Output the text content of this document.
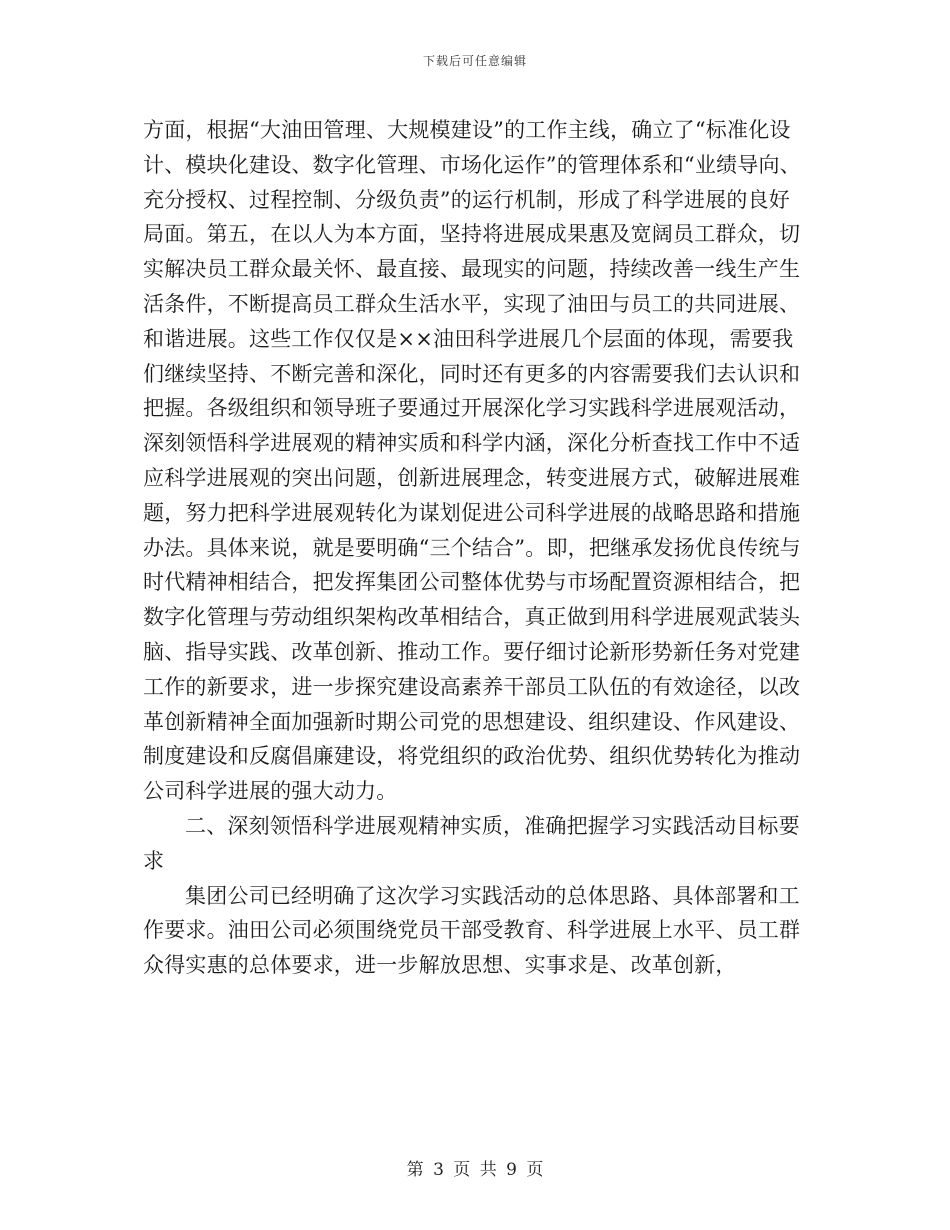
下载后可任意编辑

方面，根据“大油田管理、大规模建设”的工作主线，确立了“标准化设计、模块化建设、数字化管理、市场化运作”的管理体系和“业绩导向、充分授权、过程控制、分级负责”的运行机制，形成了科学进展的良好局面。第五，在以人为本方面，坚持将进展成果惠及宽阔员工群众，切实解决员工群众最关怀、最直接、最现实的问题，持续改善一线生产生活条件，不断提高员工群众生活水平，实现了油田与员工的共同进展、和谐进展。这些工作仅仅是××油田科学进展几个层面的体现，需要我们继续坚持、不断完善和深化，同时还有更多的内容需要我们去认识和把握。各级组织和领导班子要通过开展深化学习实践科学进展观活动，深刻领悟科学进展观的精神实质和科学内涵，深化分析查找工作中不适应科学进展观的突出问题，创新进展理念，转变进展方式，破解进展难题，努力把科学进展观转化为谋划促进公司科学进展的战略思路和措施办法。具体来说，就是要明确“三个结合”。即，把继承发扬优良传统与时代精神相结合，把发挥集团公司整体优势与市场配置资源相结合，把数字化管理与劳动组织架构改革相结合，真正做到用科学进展观武装头脑、指导实践、改革创新、推动工作。要仔细讨论新形势新任务对党建工作的新要求，进一步探究建设高素养干部员工队伍的有效途径，以改革创新精神全面加强新时期公司党的思想建设、组织建设、作风建设、制度建设和反腐倡廉建设，将党组织的政治优势、组织优势转化为推动公司科学进展的强大动力。

二、深刻领悟科学进展观精神实质，准确把握学习实践活动目标要求

集团公司已经明确了这次学习实践活动的总体思路、具体部署和工作要求。油田公司必须围绕党员干部受教育、科学进展上水平、员工群众得实惠的总体要求，进一步解放思想、实事求是、改革创新，

第 3 页 共 9 页
